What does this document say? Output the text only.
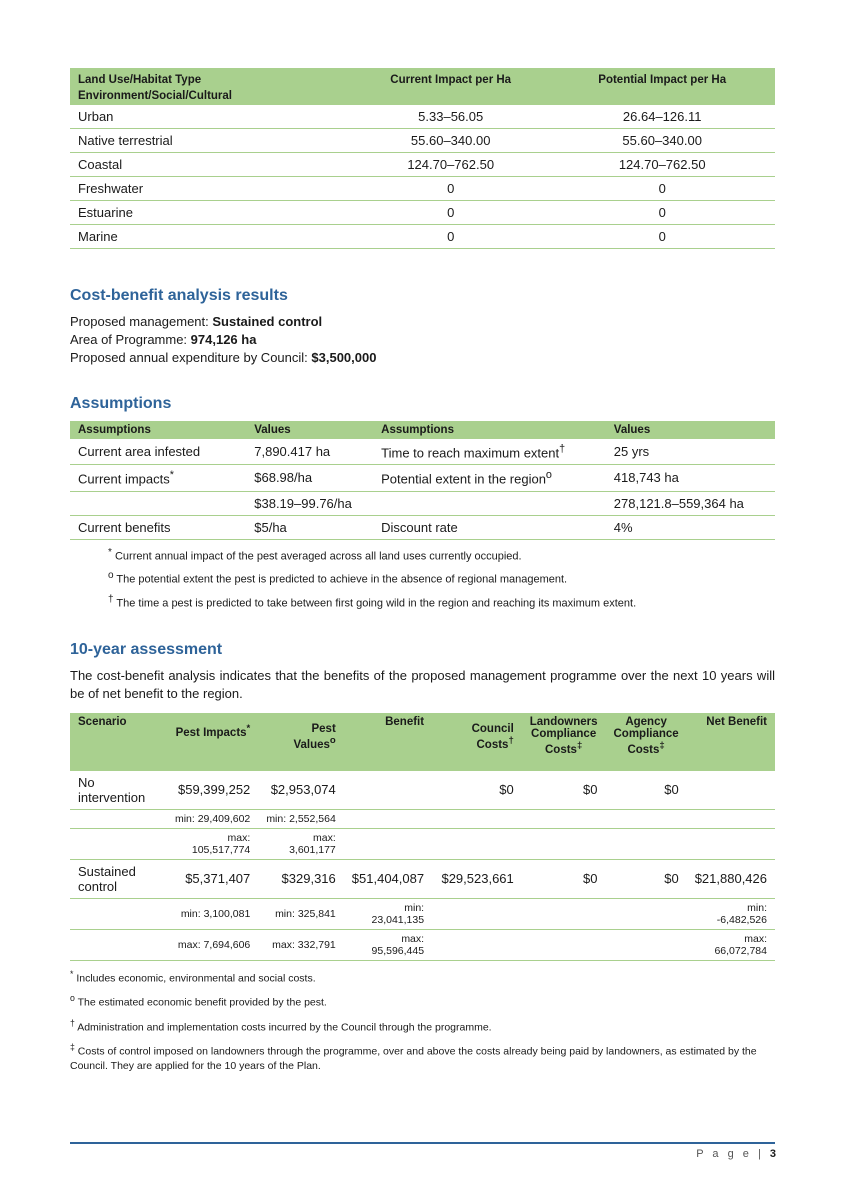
Land Use/Habitat Type
Environment/Social/Cultural	Current Impact per Ha	Potential Impact per Ha
Urban	5.33–56.05	26.64–126.11
Native terrestrial	55.60–340.00	55.60–340.00
Coastal	124.70–762.50	124.70–762.50
Freshwater	0	0
Estuarine	0	0
Marine	0	0
Cost-benefit analysis results

Proposed management: Sustained control

Area of Programme: 974,126 ha

Proposed annual expenditure by Council: $3,500,000

Assumptions
Assumptions	Values	Assumptions	Values
Current area infested	7,890.417 ha	Time to reach maximum extent†	25 yrs
Current impacts*	$68.98/ha	Potential extent in the region$^o$	418,743 ha
	$38.19–99.76/ha		278,121.8–559,364 ha
Current benefits	$5/ha	Discount rate	4%
* Current annual impact of the pest averaged across all land uses currently occupied.
$^o$ The potential extent the pest is predicted to achieve in the absence of regional management.
† The time a pest is predicted to take between first going wild in the region and reaching its maximum extent.
10-year assessment

The cost-benefit analysis indicates that the benefits of the proposed management programme over the next 10 years will be of net benefit to the region.

Scenario	Pest Impacts*	Pest Values$^o$	Benefit	Council Costs†	Landowners Compliance Costs‡	Agency Compliance Costs‡	Net Benefit
No intervention	$59,399,252	$2,953,074		$0	$0	$0	
	min: 29,409,602	min: 2,552,564					
	max: 105,517,774	max: 3,601,177					
Sustained control	$5,371,407	$329,316	$51,404,087	$29,523,661	$0	$0	$21,880,426
	min: 3,100,081	min: 325,841	min: 23,041,135				min: -6,482,526
	max: 7,694,606	max: 332,791	max: 95,596,445				max: 66,072,784
* Includes economic, environmental and social costs.
$^o$ The estimated economic benefit provided by the pest.
† Administration and implementation costs incurred by the Council through the programme.
‡ Costs of control imposed on landowners through the programme, over and above the costs already being paid by landowners, as estimated by the Council. They are applied for the 10 years of the Plan.
P a g e | 3
